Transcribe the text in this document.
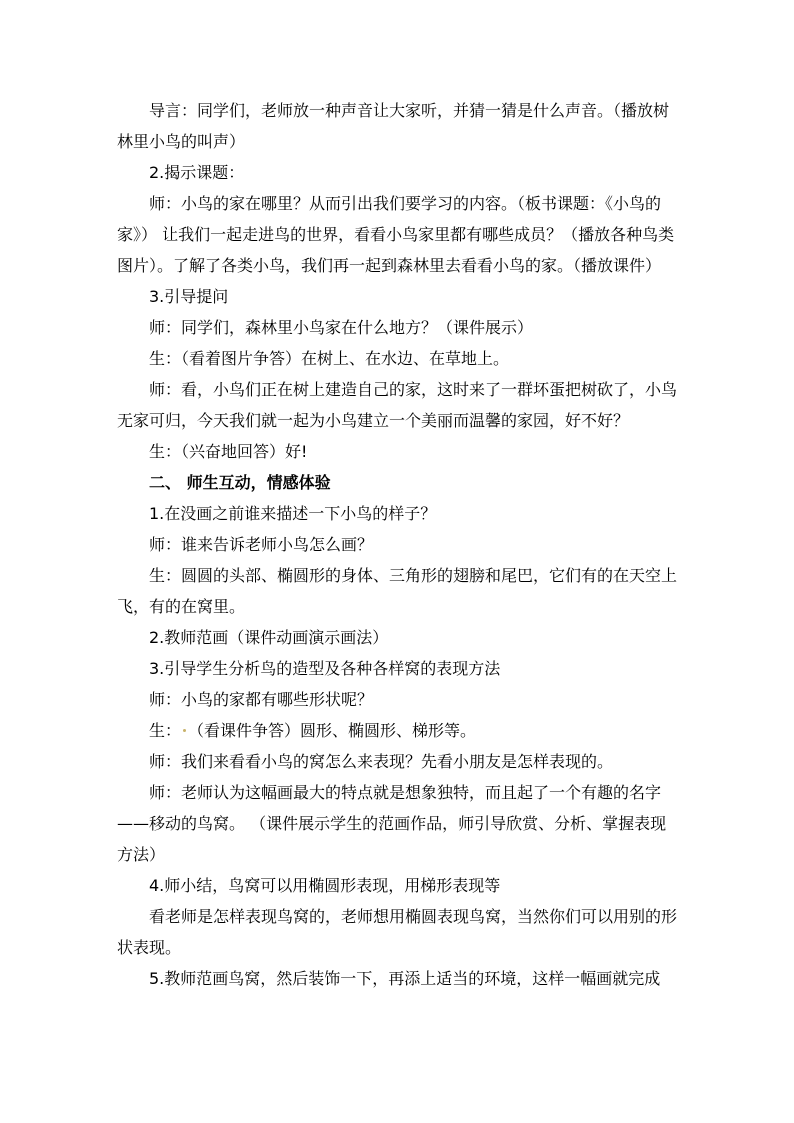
导言：同学们，老师放一种声音让大家听，并猜一猜是什么声音。（播放树林里小鸟的叫声）

2.揭示课题：

师：小鸟的家在哪里？从而引出我们要学习的内容。（板书课题：《小鸟的家》） 让我们一起走进鸟的世界，看看小鸟家里都有哪些成员？（播放各种鸟类图片）。了解了各类小鸟，我们再一起到森林里去看看小鸟的家。（播放课件）

3.引导提问

师：同学们，森林里小鸟家在什么地方？（课件展示）

生：（看着图片争答）在树上、在水边、在草地上。

师：看，小鸟们正在树上建造自己的家，这时来了一群坏蛋把树砍了，小鸟无家可归，今天我们就一起为小鸟建立一个美丽而温馨的家园，好不好？

生：（兴奋地回答）好!

二、 师生互动，情感体验

1.在没画之前谁来描述一下小鸟的样子？

师：谁来告诉老师小鸟怎么画？

生：圆圆的头部、椭圆形的身体、三角形的翅膀和尾巴，它们有的在天空上飞，有的在窝里。

2.教师范画（课件动画演示画法）

3.引导学生分析鸟的造型及各种各样窝的表现方法

师：小鸟的家都有哪些形状呢？

生： （看课件争答）圆形、椭圆形、梯形等。

师：我们来看看小鸟的窝怎么来表现？先看小朋友是怎样表现的。

师：老师认为这幅画最大的特点就是想象独特，而且起了一个有趣的名字——移动的鸟窝。 （课件展示学生的范画作品，师引导欣赏、分析、掌握表现方法）

4.师小结，鸟窝可以用椭圆形表现，用梯形表现等

看老师是怎样表现鸟窝的，老师想用椭圆表现鸟窝，当然你们可以用别的形状表现。

5.教师范画鸟窝，然后装饰一下，再添上适当的环境，这样一幅画就完成
